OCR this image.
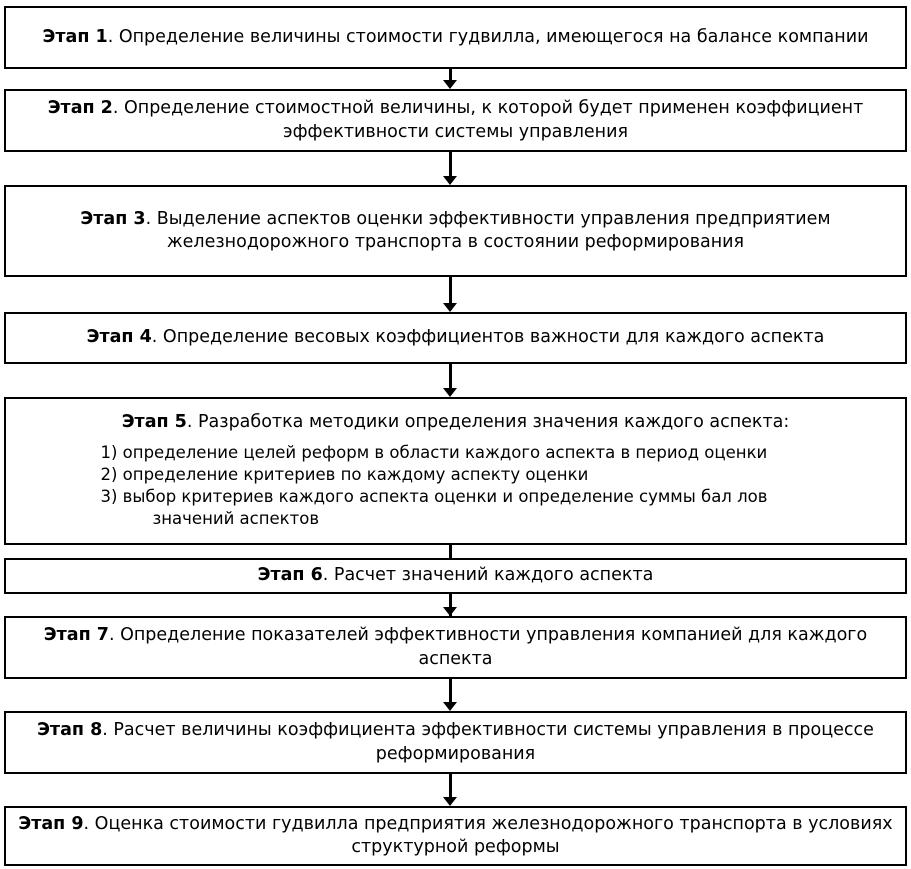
Этап 1. Определение величины стоимости гудвилла, имеющегося на балансе компании
Этап 2. Определение стоимостной величины, к которой будет применен коэффициент эффективности системы управления
Этап 3. Выделение аспектов оценки эффективности управления предприятием железнодорожного транспорта в состоянии реформирования
Этап 4. Определение весовых коэффициентов важности для каждого аспекта
Этап 5. Разработка методики определения значения каждого аспекта:
1) определение целей реформ в области каждого аспекта в период оценки
2) определение критериев по каждому аспекту оценки
3) выбор критериев каждого аспекта оценки и определение суммы бал лов
значений аспектов
Этап 6. Расчет значений каждого аспекта
Этап 7. Определение показателей эффективности управления компанией для каждого аспекта
Этап 8. Расчет величины коэффициента эффективности системы управления в процессе реформирования
Этап 9. Оценка стоимости гудвилла предприятия железнодорожного транспорта в условиях структурной реформы
